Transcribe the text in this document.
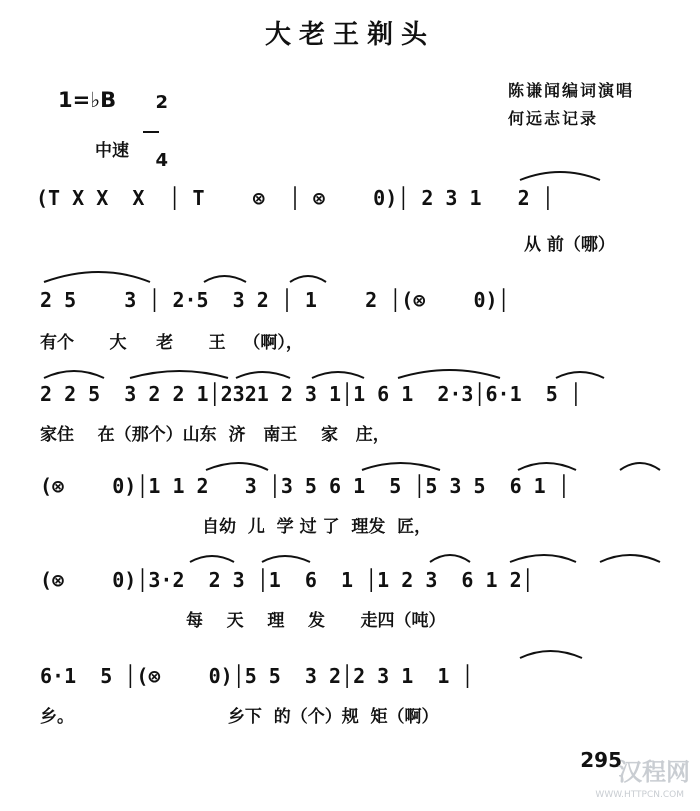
大老王剃头
1=♭B	2

4

陈谦闻编词演唱
何远志记录
中速
(T X X  X  │ T    ⊗  │ ⊗    0)│ 2 3 1   2 │
从 前（哪）
2 5    3 │ 2·5  3 2 │ 1    2 │(⊗    0)│
有个      大     老      王   （啊），
2 2 5  3 2 2 1│2321 2 3 1│1 6 1  2·3│6·1  5 │
家住    在（那个）山东  济   南王    家   庄，
(⊗    0)│1 1 2   3 │3 5 6 1  5 │5 3 5  6 1 │
自幼  儿  学 过 了  理发  匠，
(⊗    0)│3·2  2 3 │1  6  1 │1 2 3  6 1 2│
每    天    理    发      走四（吨）
6·1  5 │(⊗    0)│5 5  3 2│2 3 1  1 │
乡。                          乡下  的（个）规  矩（啊）
295
汉程网
WWW.HTTPCN.COM
